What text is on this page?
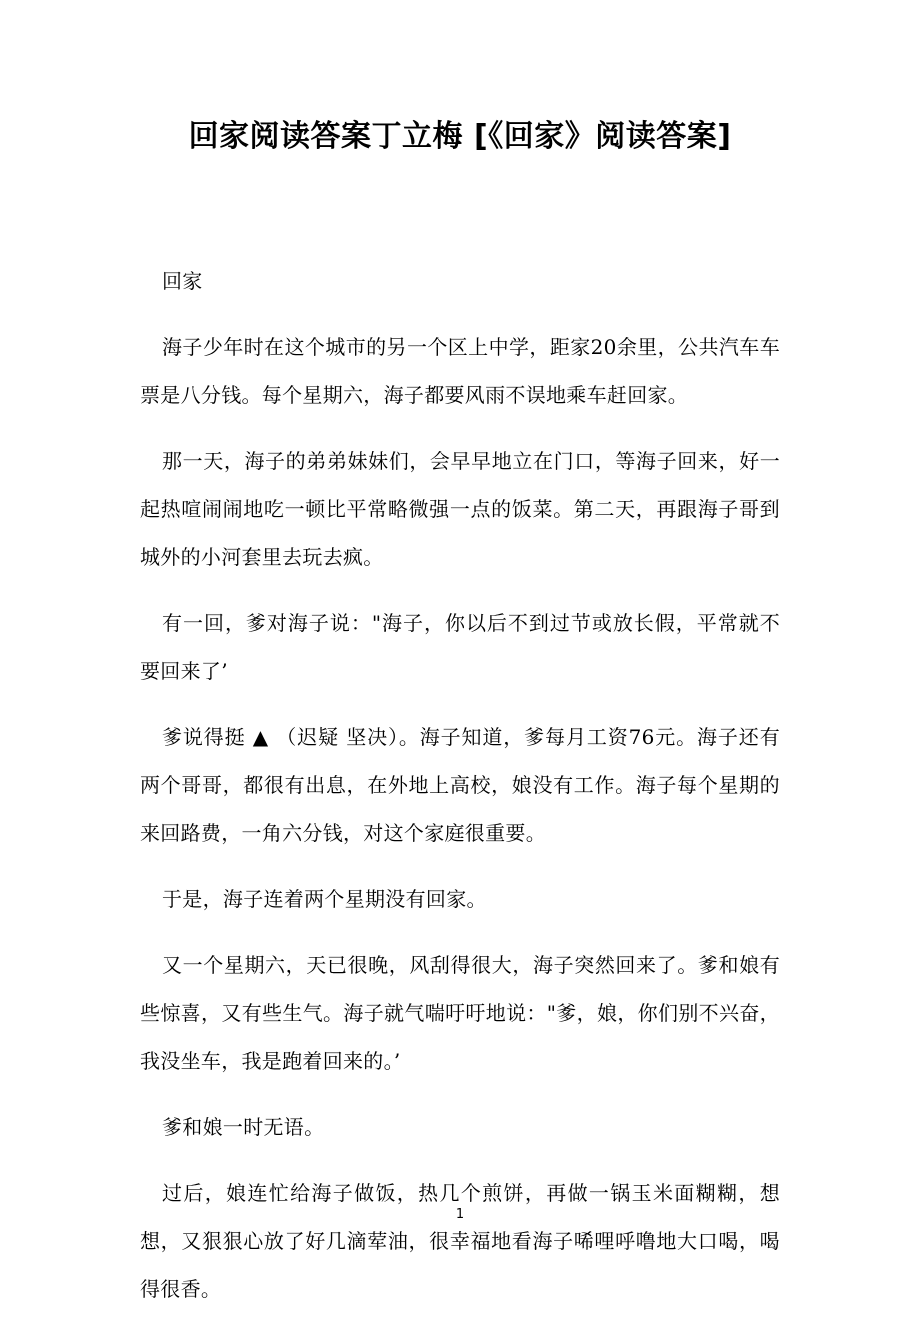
回家阅读答案丁立梅 [《回家》阅读答案]

回家

海子少年时在这个城市的另一个区上中学，距家20余里，公共汽车车票是八分钱。每个星期六，海子都要风雨不误地乘车赶回家。

那一天，海子的弟弟妹妹们，会早早地立在门口，等海子回来，好一起热喧闹闹地吃一顿比平常略微强一点的饭菜。第二天，再跟海子哥到城外的小河套里去玩去疯。

有一回，爹对海子说："海子，你以后不到过节或放长假，平常就不要回来了’

爹说得挺 ▲ （迟疑 坚决）。海子知道，爹每月工资76元。海子还有两个哥哥，都很有出息，在外地上高校，娘没有工作。海子每个星期的来回路费，一角六分钱，对这个家庭很重要。

于是，海子连着两个星期没有回家。

又一个星期六，天已很晚，风刮得很大，海子突然回来了。爹和娘有些惊喜，又有些生气。海子就气喘吁吁地说："爹，娘，你们别不兴奋，我没坐车，我是跑着回来的。’

爹和娘一时无语。

过后，娘连忙给海子做饭，热几个煎饼，再做一锅玉米面糊糊，想想，又狠狠心放了好几滴荤油，很幸福地看海子唏哩呼噜地大口喝，喝得很香。

1
